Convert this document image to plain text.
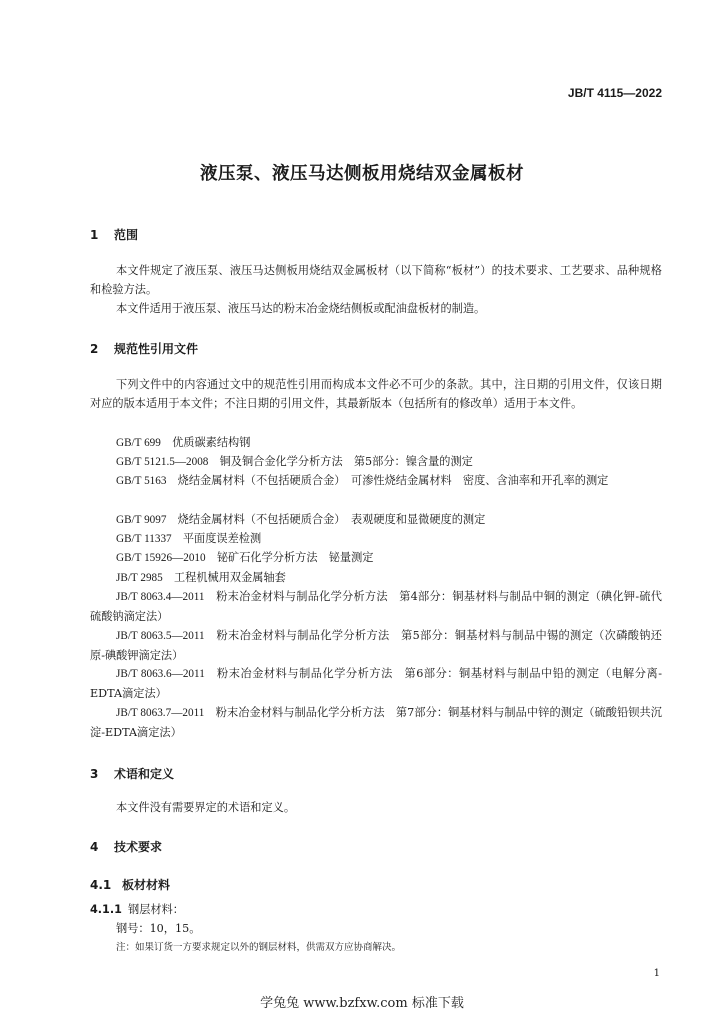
JB/T 4115—2022
液压泵、液压马达侧板用烧结双金属板材
1 范围
本文件规定了液压泵、液压马达侧板用烧结双金属板材（以下简称“板材”）的技术要求、工艺要求、品种规格和检验方法。
本文件适用于液压泵、液压马达的粉末冶金烧结侧板或配油盘板材的制造。
2 规范性引用文件
下列文件中的内容通过文中的规范性引用而构成本文件必不可少的条款。其中，注日期的引用文件，仅该日期对应的版本适用于本文件；不注日期的引用文件，其最新版本（包括所有的修改单）适用于本文件。
GB/T 699　 优质碳素结构钢
GB/T 5121.5—2008　 铜及铜合金化学分析方法　第5部分：镍含量的测定
GB/T 5163　 烧结金属材料（不包括硬质合金）　可渗性烧结金属材料　密度、含油率和开孔率的测定
GB/T 9097　 烧结金属材料（不包括硬质合金）　表观硬度和显微硬度的测定
GB/T 11337　 平面度误差检测
GB/T 15926—2010　 铋矿石化学分析方法　铋量测定
JB/T 2985　 工程机械用双金属轴套
JB/T 8063.4—2011　 粉末冶金材料与制品化学分析方法　第4部分：铜基材料与制品中铜的测定（碘化钾-硫代硫酸钠滴定法）
JB/T 8063.5—2011　 粉末冶金材料与制品化学分析方法　第5部分：铜基材料与制品中锡的测定（次磷酸钠还原-碘酸钾滴定法）
JB/T 8063.6—2011　 粉末冶金材料与制品化学分析方法　第6部分：铜基材料与制品中铅的测定（电解分离-EDTA滴定法）
JB/T 8063.7—2011　 粉末冶金材料与制品化学分析方法　第7部分：铜基材料与制品中锌的测定（硫酸铅钡共沉淀-EDTA滴定法）
3 术语和定义
本文件没有需要界定的术语和定义。
4 技术要求
4.1 板材材料
4.1.1 钢层材料：
钢号：10，15。
注：如果订货一方要求规定以外的钢层材料，供需双方应协商解决。
1
学兔兔 www.bzfxw.com 标准下载
